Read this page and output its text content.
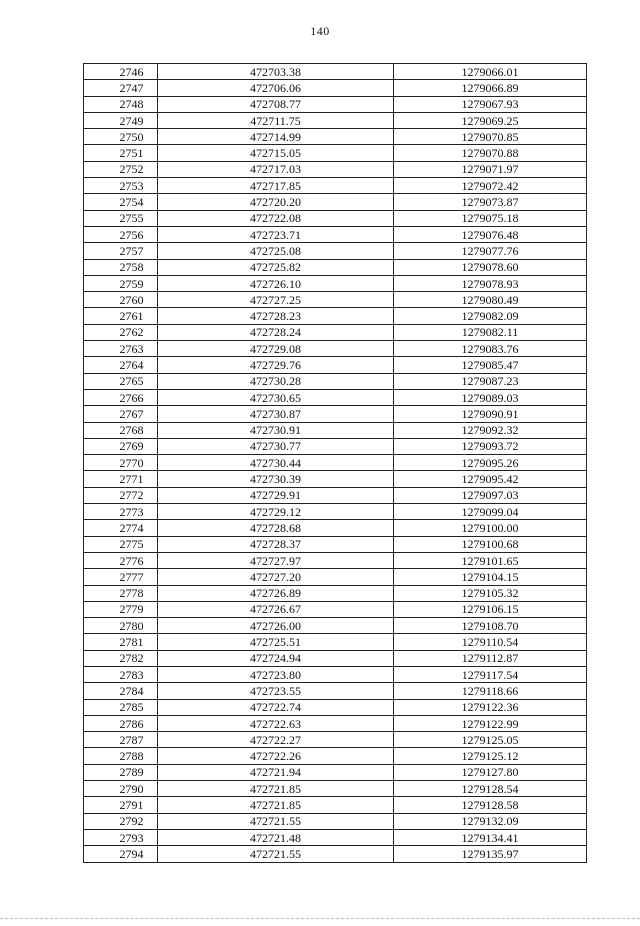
140
2746	472703.38	1279066.01
2747	472706.06	1279066.89
2748	472708.77	1279067.93
2749	472711.75	1279069.25
2750	472714.99	1279070.85
2751	472715.05	1279070.88
2752	472717.03	1279071.97
2753	472717.85	1279072.42
2754	472720.20	1279073.87
2755	472722.08	1279075.18
2756	472723.71	1279076.48
2757	472725.08	1279077.76
2758	472725.82	1279078.60
2759	472726.10	1279078.93
2760	472727.25	1279080.49
2761	472728.23	1279082.09
2762	472728.24	1279082.11
2763	472729.08	1279083.76
2764	472729.76	1279085.47
2765	472730.28	1279087.23
2766	472730.65	1279089.03
2767	472730.87	1279090.91
2768	472730.91	1279092.32
2769	472730.77	1279093.72
2770	472730.44	1279095.26
2771	472730.39	1279095.42
2772	472729.91	1279097.03
2773	472729.12	1279099.04
2774	472728.68	1279100.00
2775	472728.37	1279100.68
2776	472727.97	1279101.65
2777	472727.20	1279104.15
2778	472726.89	1279105.32
2779	472726.67	1279106.15
2780	472726.00	1279108.70
2781	472725.51	1279110.54
2782	472724.94	1279112.87
2783	472723.80	1279117.54
2784	472723.55	1279118.66
2785	472722.74	1279122.36
2786	472722.63	1279122.99
2787	472722.27	1279125.05
2788	472722.26	1279125.12
2789	472721.94	1279127.80
2790	472721.85	1279128.54
2791	472721.85	1279128.58
2792	472721.55	1279132.09
2793	472721.48	1279134.41
2794	472721.55	1279135.97
